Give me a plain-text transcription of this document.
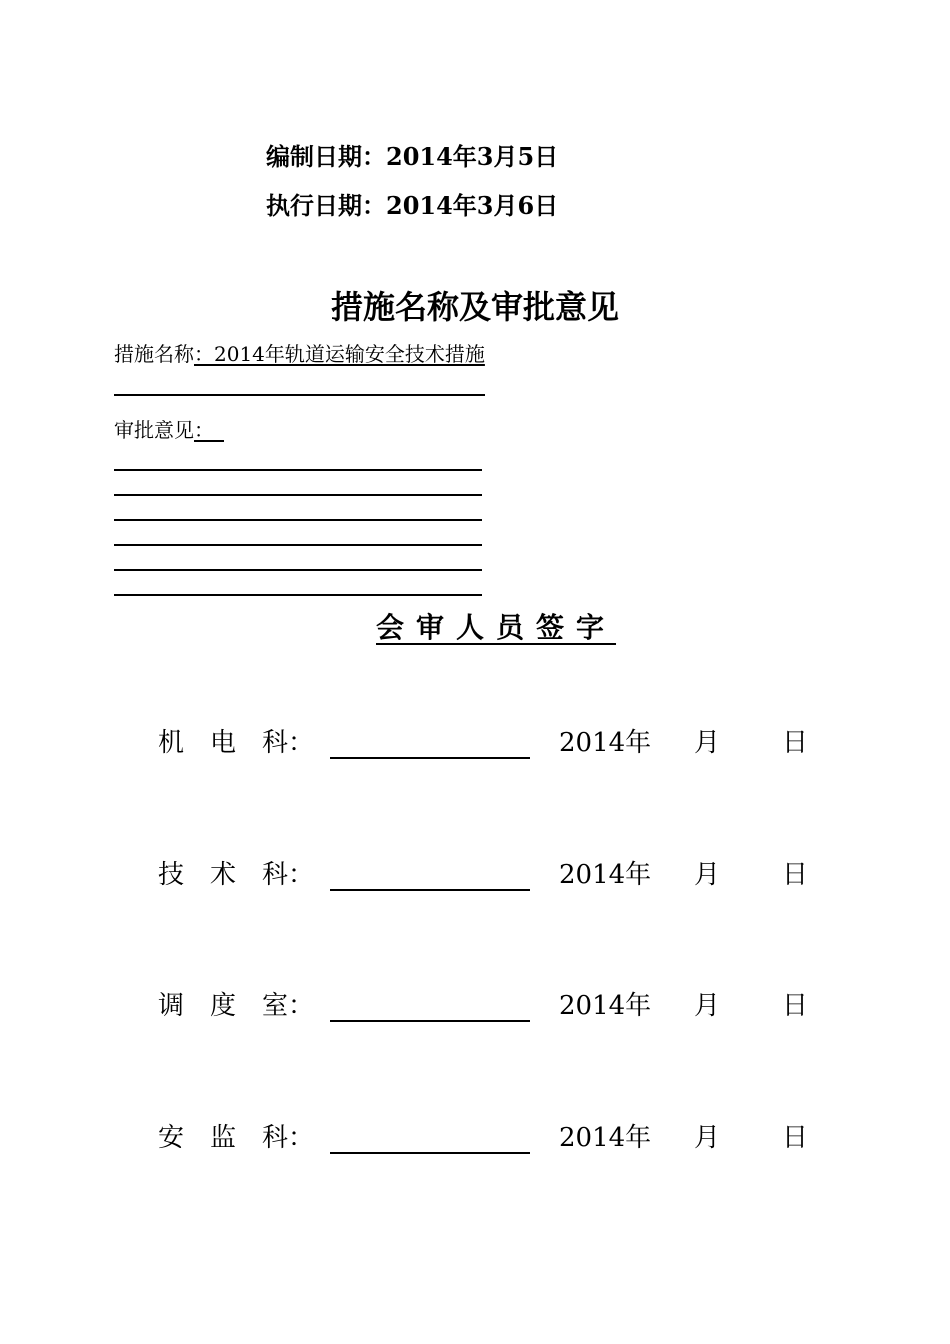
编制日期：2014年3月5日
执行日期：2014年3月6日
措施名称及审批意见
措施名称：2014年轨道运输安全技术措施
审批意见：_
会审人员签字
机　电　科：	2014年 月 日
技　术　科：	2014年 月 日
调　度　室：	2014年 月 日
安　监　科：	2014年 月 日
